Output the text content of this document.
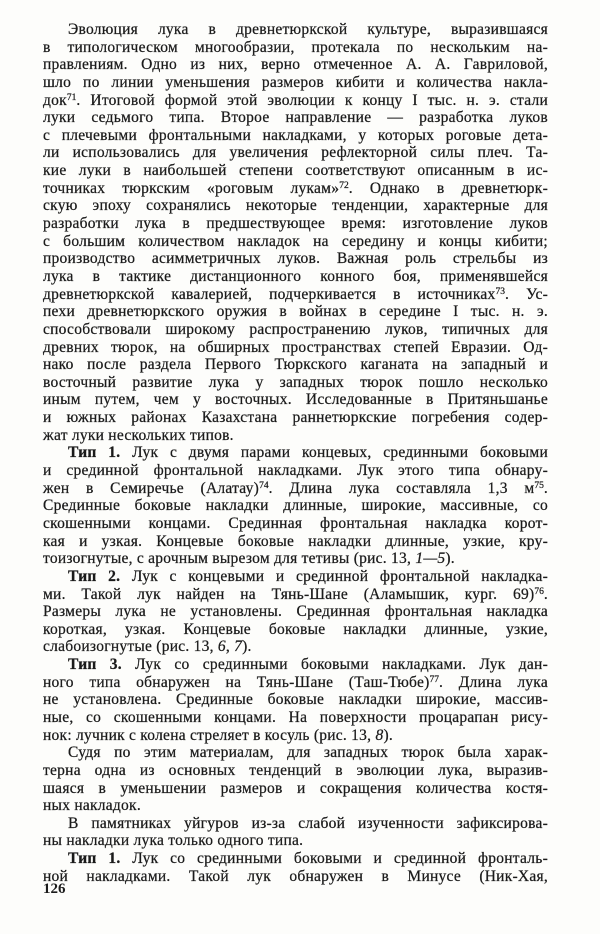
Эволюция лука в древнетюркской культуре, выразившаяся
в типологическом многообразии, протекала по нескольким на-
правлениям. Одно из них, верно отмеченное А. А. Гавриловой,
шло по линии уменьшения размеров кибити и количества накла-
док$^{71}$. Итоговой формой этой эволюции к концу I тыс. н. э. стали
луки седьмого типа. Второе направление — разработка луков
с плечевыми фронтальными накладками, у которых роговые дета-
ли использовались для увеличения рефлекторной силы плеч. Та-
кие луки в наибольшей степени соответствуют описанным в ис-
точниках тюркским «роговым лукам»$^{72}$. Однако в древнетюрк-
скую эпоху сохранялись некоторые тенденции, характерные для
разработки лука в предшествующее время: изготовление луков
с большим количеством накладок на середину и концы кибити;
производство асимметричных луков. Важная роль стрельбы из
лука в тактике дистанционного конного боя, применявшейся
древнетюркской кавалерией, подчеркивается в источниках$^{73}$. Ус-
пехи древнетюркского оружия в войнах в середине I тыс. н. э.
способствовали широкому распространению луков, типичных для
древних тюрок, на обширных пространствах степей Евразии. Од-
нако после раздела Первого Тюркского каганата на западный и
восточный развитие лука у западных тюрок пошло несколько
иным путем, чем у восточных. Исследованные в Притяньшанье
и южных районах Казахстана раннетюркские погребения содер-
жат луки нескольких типов.
Тип 1. Лук с двумя парами концевых, срединными боковыми
и срединной фронтальной накладками. Лук этого типа обнару-
жен в Семиречье (Алатау)$^{74}$. Длина лука составляла 1,3 $м^{75}$.
Срединные боковые накладки длинные, широкие, массивные, со
скошенными концами. Срединная фронтальная накладка корот-
кая и узкая. Концевые боковые накладки длинные, узкие, кру-
тоизогнутые, с арочным вырезом для тетивы (рис. 13, 1—5).
Тип 2. Лук с концевыми и срединной фронтальной накладка-
ми. Такой лук найден на Тянь-Шане (Аламышик, кург. 69)$^{76}$.
Размеры лука не установлены. Срединная фронтальная накладка
короткая, узкая. Концевые боковые накладки длинные, узкие,
слабоизогнутые (рис. 13, 6, 7).
Тип 3. Лук со срединными боковыми накладками. Лук дан-
ного типа обнаружен на Тянь-Шане (Таш-Тюбе)$^{77}$. Длина лука
не установлена. Срединные боковые накладки широкие, массив-
ные, со скошенными концами. На поверхности процарапан рису-
нок: лучник с колена стреляет в косуль (рис. 13, 8).
Судя по этим материалам, для западных тюрок была харак-
терна одна из основных тенденций в эволюции лука, выразив-
шаяся в уменьшении размеров и сокращения количества костя-
ных накладок.
В памятниках уйгуров из-за слабой изученности зафиксирова-
ны накладки лука только одного типа.
Тип 1. Лук со срединными боковыми и срединной фронталь-
ной накладками. Такой лук обнаружен в Минусе (Ник-Хая,
126
